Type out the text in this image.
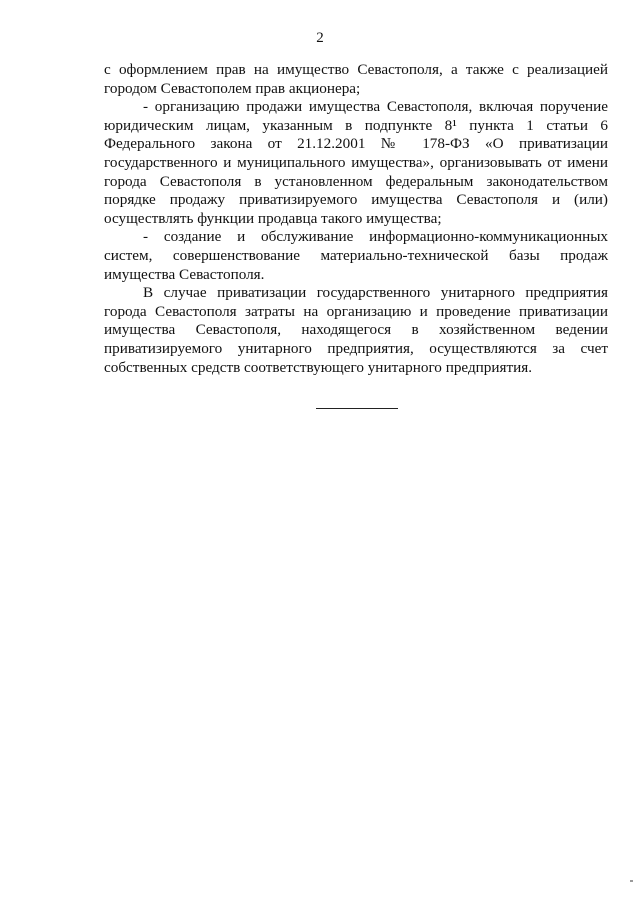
2

с оформлением прав на имущество Севастополя, а также с реализацией городом Севастополем прав акционера;

- организацию продажи имущества Севастополя, включая поручение юридическим лицам, указанным в подпункте 8¹ пункта 1 статьи 6 Федерального закона от 21.12.2001 № 178-ФЗ «О приватизации государственного и муниципального имущества», организовывать от имени города Севастополя в установленном федеральным законодательством порядке продажу приватизируемого имущества Севастополя и (или) осуществлять функции продавца такого имущества;

- создание и обслуживание информационно-коммуникационных систем, совершенствование материально-технической базы продаж имущества Севастополя.

В случае приватизации государственного унитарного предприятия города Севастополя затраты на организацию и проведение приватизации имущества Севастополя, находящегося в хозяйственном ведении приватизируемого унитарного предприятия, осуществляются за счет собственных средств соответствующего унитарного предприятия.
